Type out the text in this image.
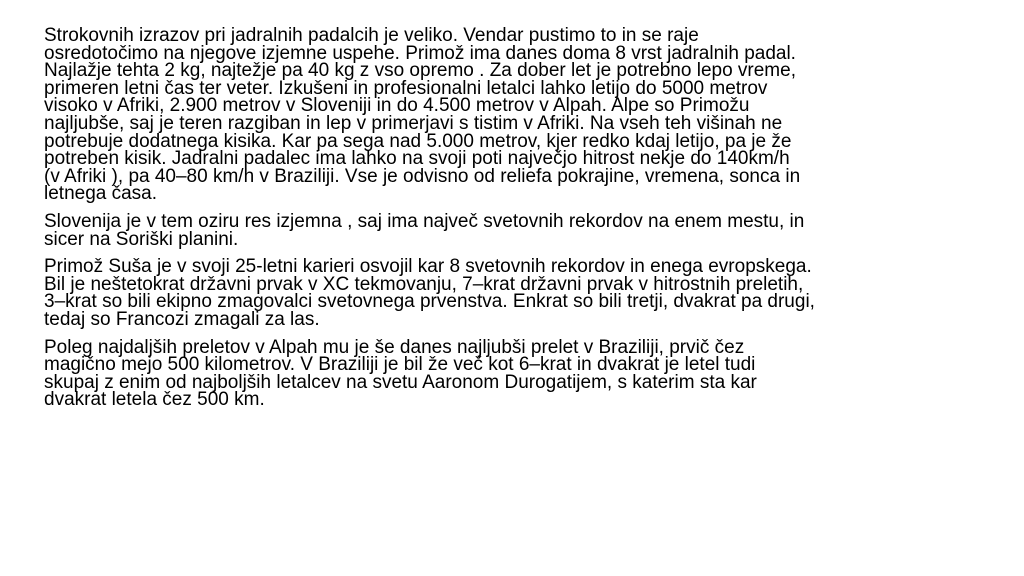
Strokovnih izrazov pri jadralnih padalcih je veliko. Vendar pustimo to in se raje
osredotočimo na njegove izjemne uspehe. Primož ima danes doma 8 vrst jadralnih padal.
Najlažje tehta 2 kg, najtežje pa 40 kg z vso opremo . Za dober let je potrebno lepo vreme,
primeren letni čas ter veter. Izkušeni in profesionalni letalci lahko letijo do 5000 metrov
visoko v Afriki, 2.900 metrov v Sloveniji in do 4.500 metrov v Alpah. Alpe so Primožu
najljubše, saj je teren razgiban in lep v primerjavi s tistim v Afriki. Na vseh teh višinah ne
potrebuje dodatnega kisika. Kar pa sega nad 5.000 metrov, kjer redko kdaj letijo, pa je že
potreben kisik. Jadralni padalec ima lahko na svoji poti največjo hitrost nekje do 140km/h
(v Afriki ), pa 40–80 km/h v Braziliji. Vse je odvisno od reliefa pokrajine, vremena, sonca in
letnega časa.

Slovenija je v tem oziru res izjemna , saj ima največ svetovnih rekordov na enem mestu, in
sicer na Soriški planini.

Primož Suša je v svoji 25-letni karieri osvojil kar 8 svetovnih rekordov in enega evropskega.
Bil je neštetokrat državni prvak v XC tekmovanju, 7–krat državni prvak v hitrostnih preletih,
3–krat so bili ekipno zmagovalci svetovnega prvenstva. Enkrat so bili tretji, dvakrat pa drugi,
tedaj so Francozi zmagali za las.

Poleg najdaljših preletov v Alpah mu je še danes najljubši prelet v Braziliji, prvič čez
magično mejo 500 kilometrov. V Braziliji je bil že več kot 6–krat in dvakrat je letel tudi
skupaj z enim od najboljših letalcev na svetu Aaronom Durogatijem, s katerim sta kar
dvakrat letela čez 500 km.
